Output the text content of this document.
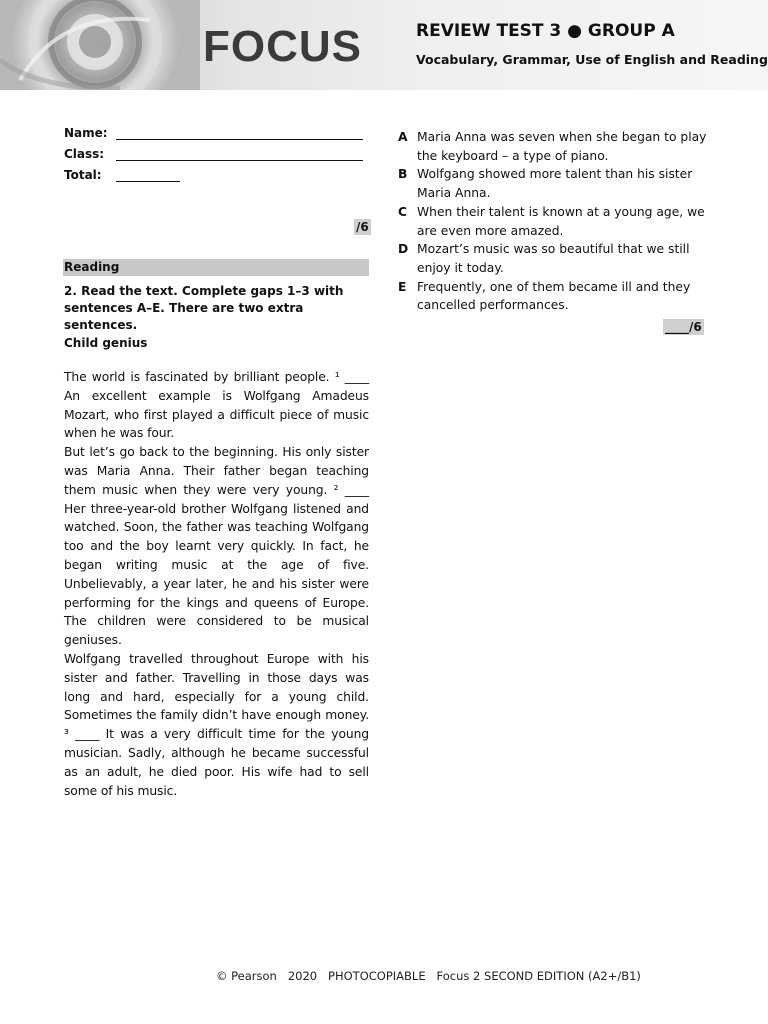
FOCUS	REVIEW TEST 3 ● GROUP A
Vocabulary, Grammar, Use of English and Reading
Name:
Class:
Total:
/6
Reading
2. Read the text. Complete gaps 1–3 with sentences A–E. There are two extra sentences.
Child genius

The world is fascinated by brilliant people. ¹ ____ An excellent example is Wolfgang Amadeus Mozart, who first played a difficult piece of music when he was four.

But let’s go back to the beginning. His only sister was Maria Anna. Their father began teaching them music when they were very young. ² ____ Her three-year-old brother Wolfgang listened and watched. Soon, the father was teaching Wolfgang too and the boy learnt very quickly. In fact, he began writing music at the age of five. Unbelievably, a year later, he and his sister were performing for the kings and queens of Europe. The children were considered to be musical geniuses.

Wolfgang travelled throughout Europe with his sister and father. Travelling in those days was long and hard, especially for a young child. Sometimes the family didn’t have enough money. ³ ____ It was a very difficult time for the young musician. Sadly, although he became successful as an adult, he died poor. His wife had to sell some of his music.

A Maria Anna was seven when she began to play the keyboard – a type of piano.
B Wolfgang showed more talent than his sister Maria Anna.
C When their talent is known at a young age, we are even more amazed.
D Mozart’s music was so beautiful that we still enjoy it today.
E Frequently, one of them became ill and they cancelled performances.
____/6
© Pearson   2020   PHOTOCOPIABLE   Focus 2 SECOND EDITION (A2+/B1)
